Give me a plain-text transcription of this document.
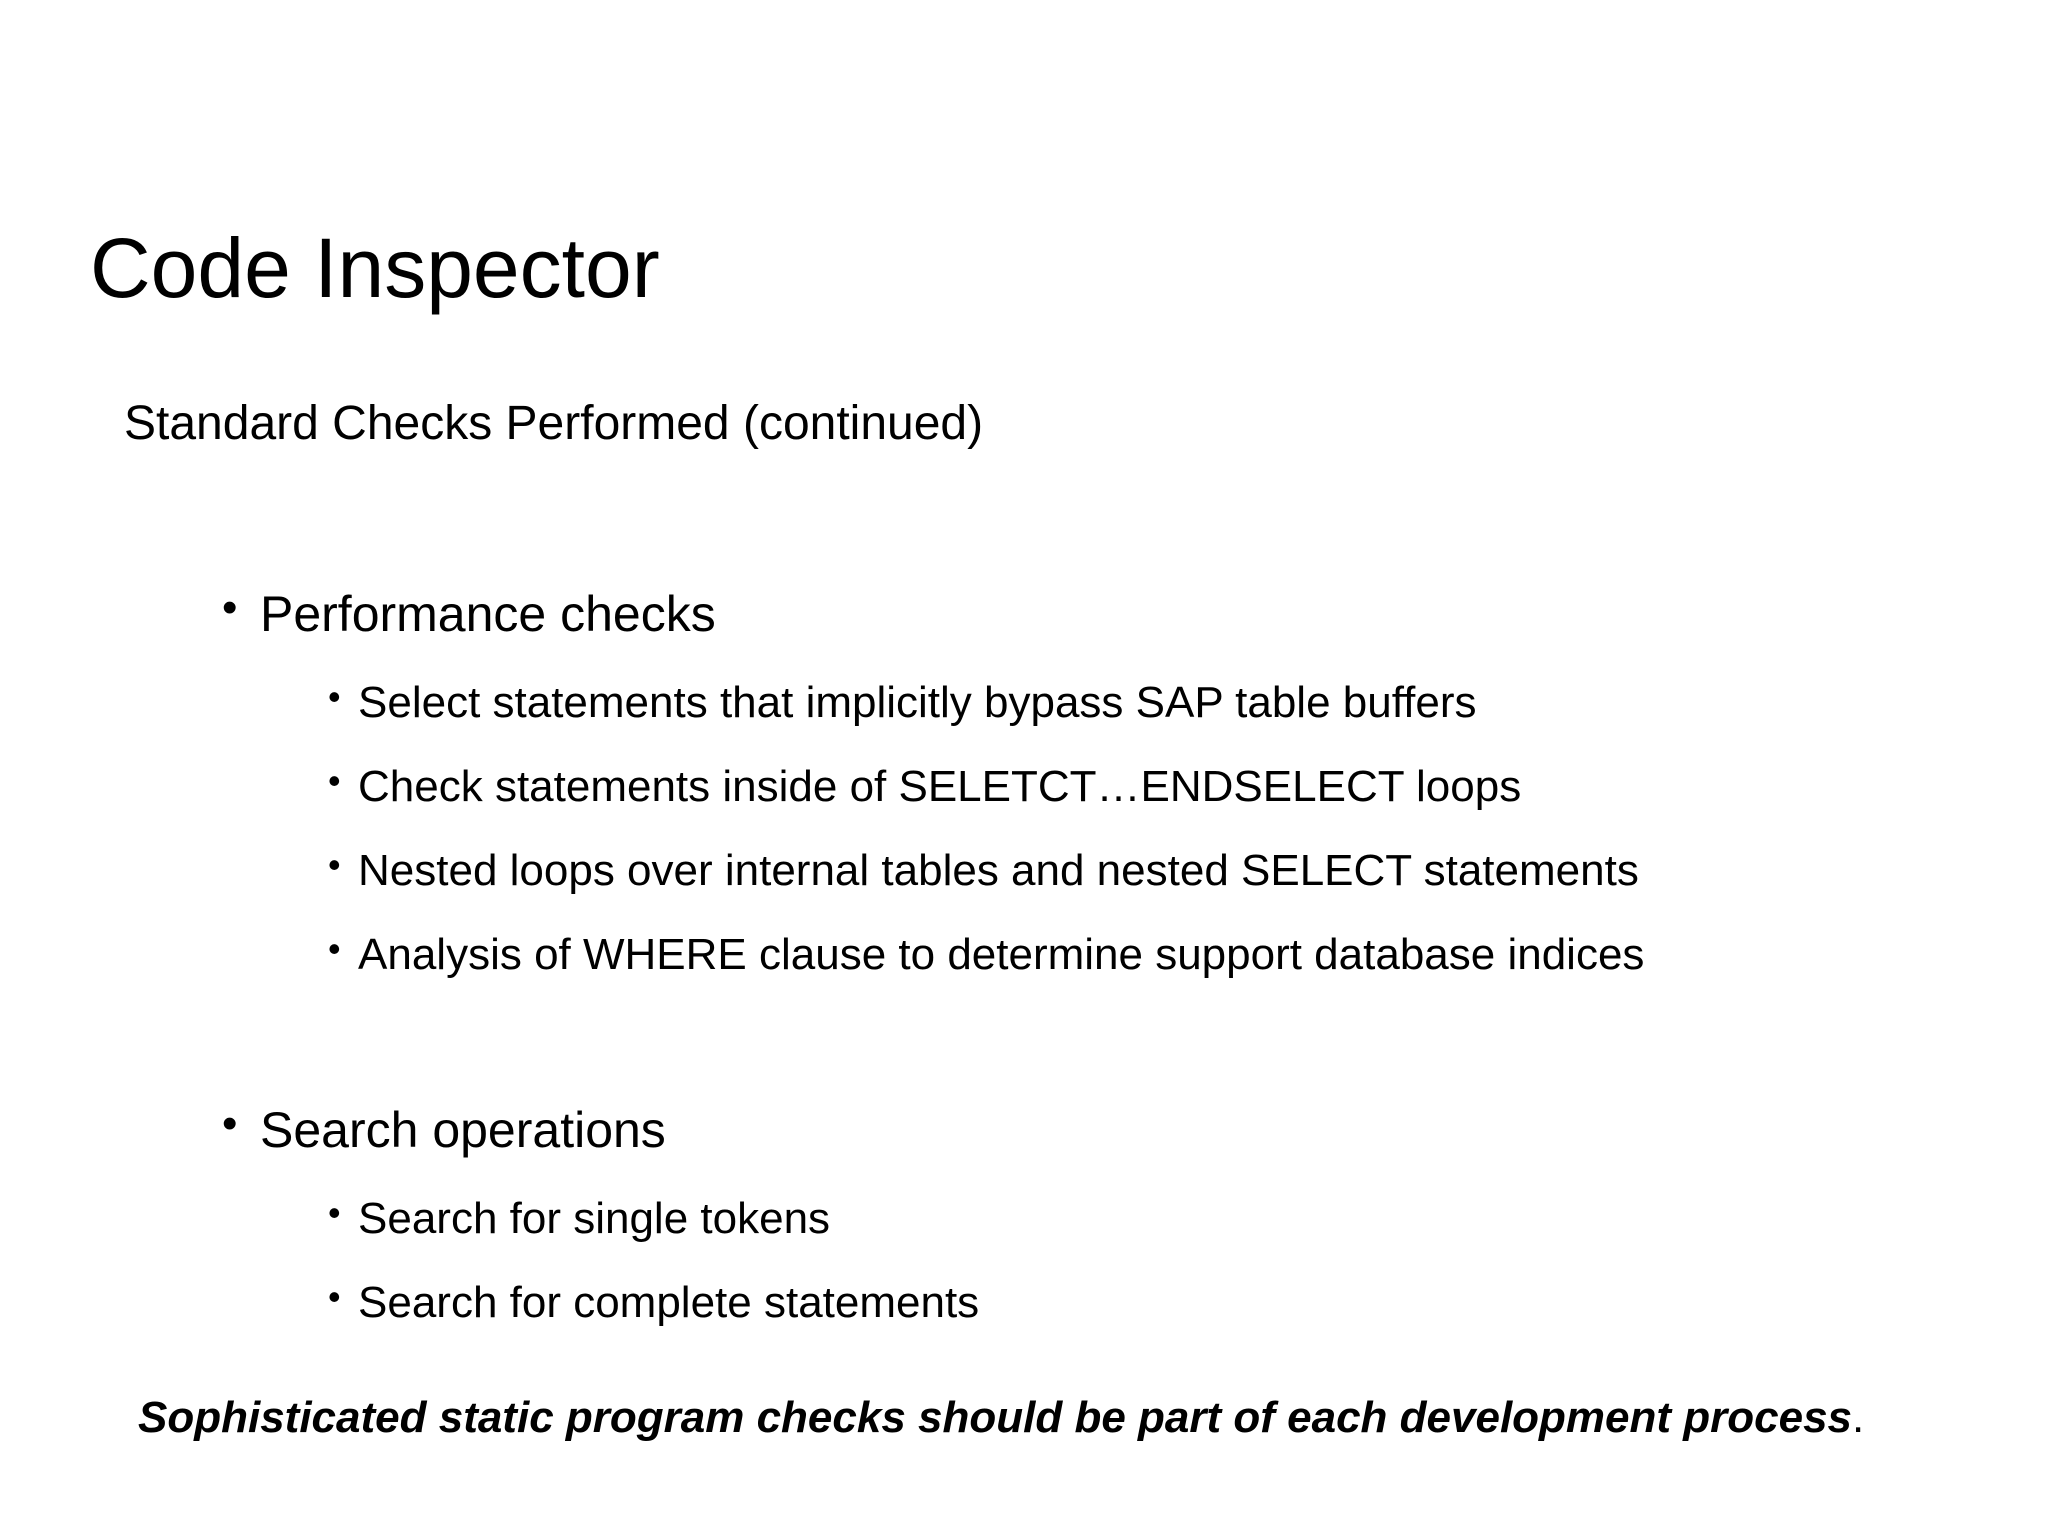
Code Inspector
Standard Checks Performed (continued)
• Performance checks
• Select statements that implicitly bypass SAP table buffers
• Check statements inside of SELETCT…ENDSELECT loops
• Nested loops over internal tables and nested SELECT statements
• Analysis of WHERE clause to determine support database indices
• Search operations
• Search for single tokens
• Search for complete statements
Sophisticated static program checks should be part of each development process.
